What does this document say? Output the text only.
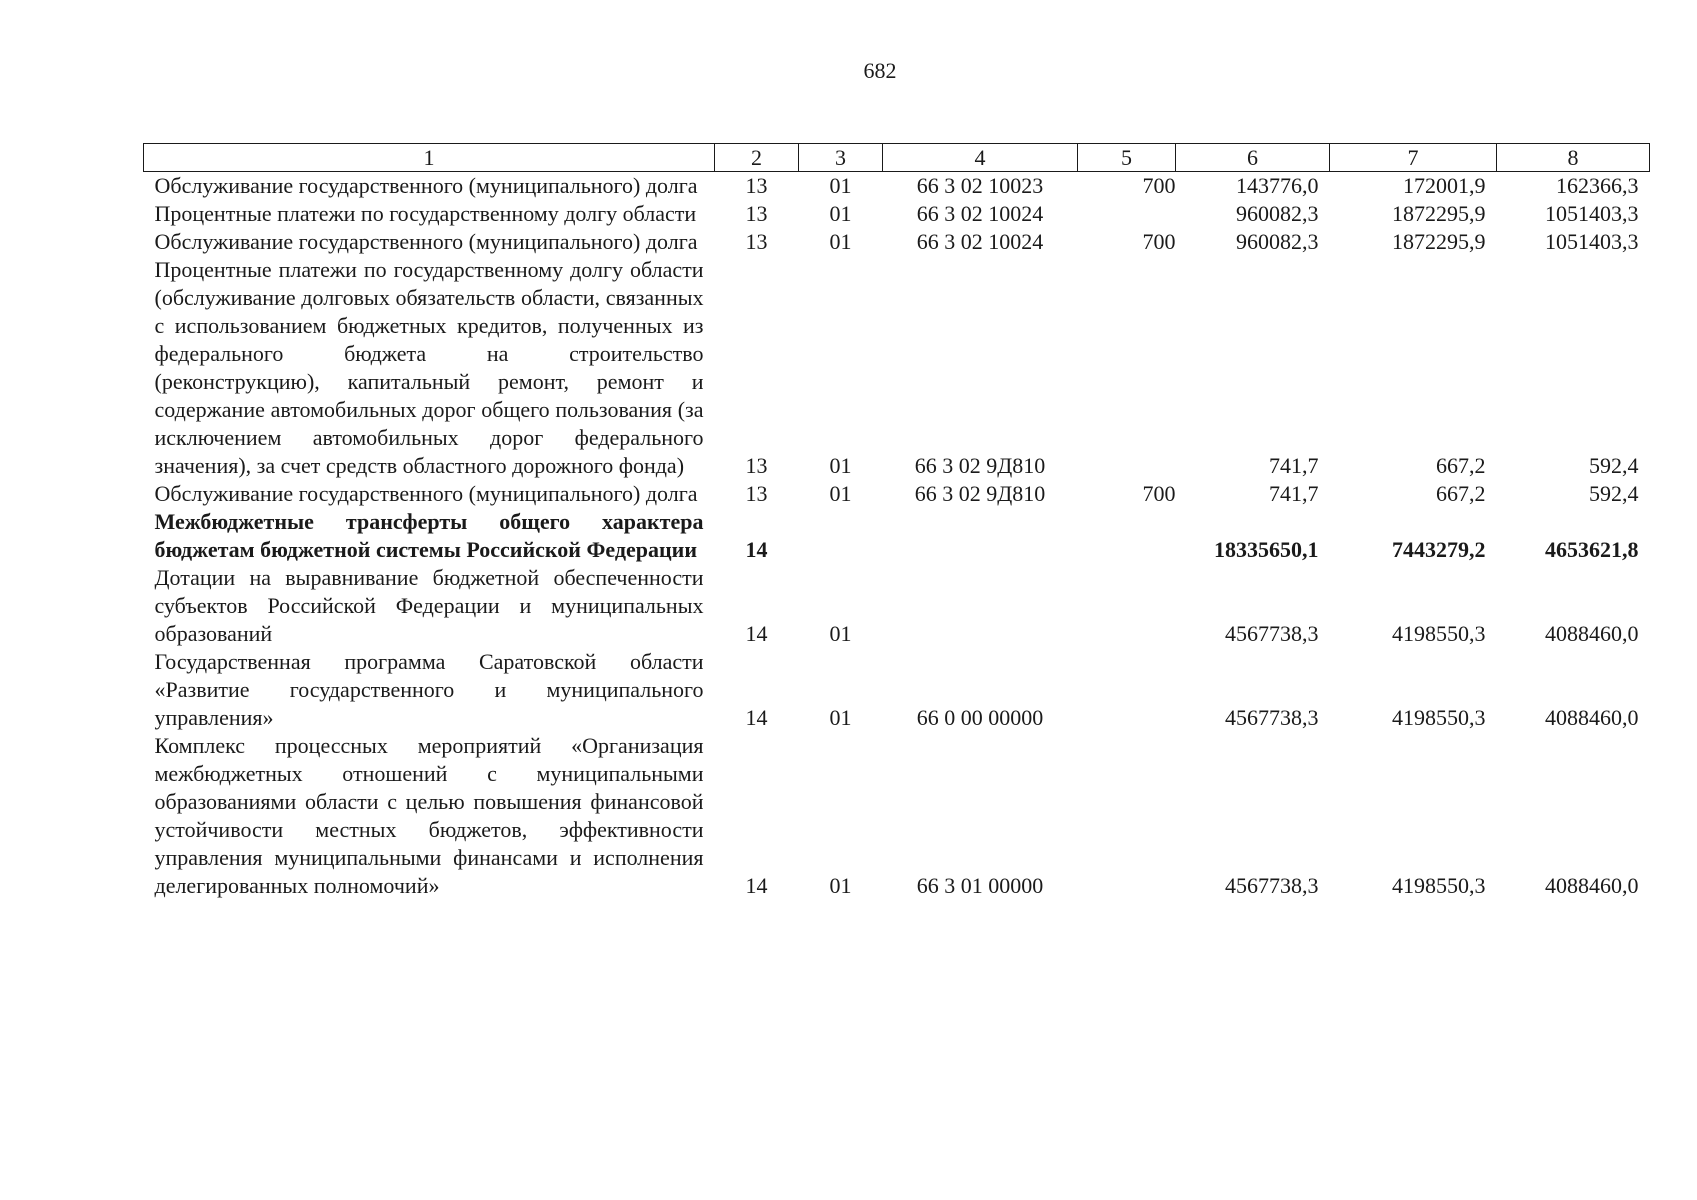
682
1	2	3	4	5	6	7	8
Обслуживание государственного (муниципального) долга	13	01	66 3 02 10023	700	143776,0	172001,9	162366,3
Процентные платежи по государственному долгу области	13	01	66 3 02 10024		960082,3	1872295,9	1051403,3
Обслуживание государственного (муниципального) долга	13	01	66 3 02 10024	700	960082,3	1872295,9	1051403,3
Процентные платежи по государственному долгу области (обслуживание долговых обязательств области, связанных с использованием бюджетных кредитов, полученных из федерального бюджета на строительство (реконструкцию), капитальный ремонт, ремонт и содержание автомобильных дорог общего пользования (за исключением автомобильных дорог федерального значения), за счет средств областного дорожного фонда)	13	01	66 3 02 9Д810		741,7	667,2	592,4
Обслуживание государственного (муниципального) долга	13	01	66 3 02 9Д810	700	741,7	667,2	592,4
Межбюджетные трансферты общего характера бюджетам бюджетной системы Российской Федерации	14				18335650,1	7443279,2	4653621,8
Дотации на выравнивание бюджетной обеспеченности субъектов Российской Федерации и муниципальных образований	14	01			4567738,3	4198550,3	4088460,0
Государственная программа Саратовской области «Развитие государственного и муниципального управления»	14	01	66 0 00 00000		4567738,3	4198550,3	4088460,0
Комплекс процессных мероприятий «Организация межбюджетных отношений с муниципальными образованиями области с целью повышения финансовой устойчивости местных бюджетов, эффективности управления муниципальными финансами и исполнения делегированных полномочий»	14	01	66 3 01 00000		4567738,3	4198550,3	4088460,0
